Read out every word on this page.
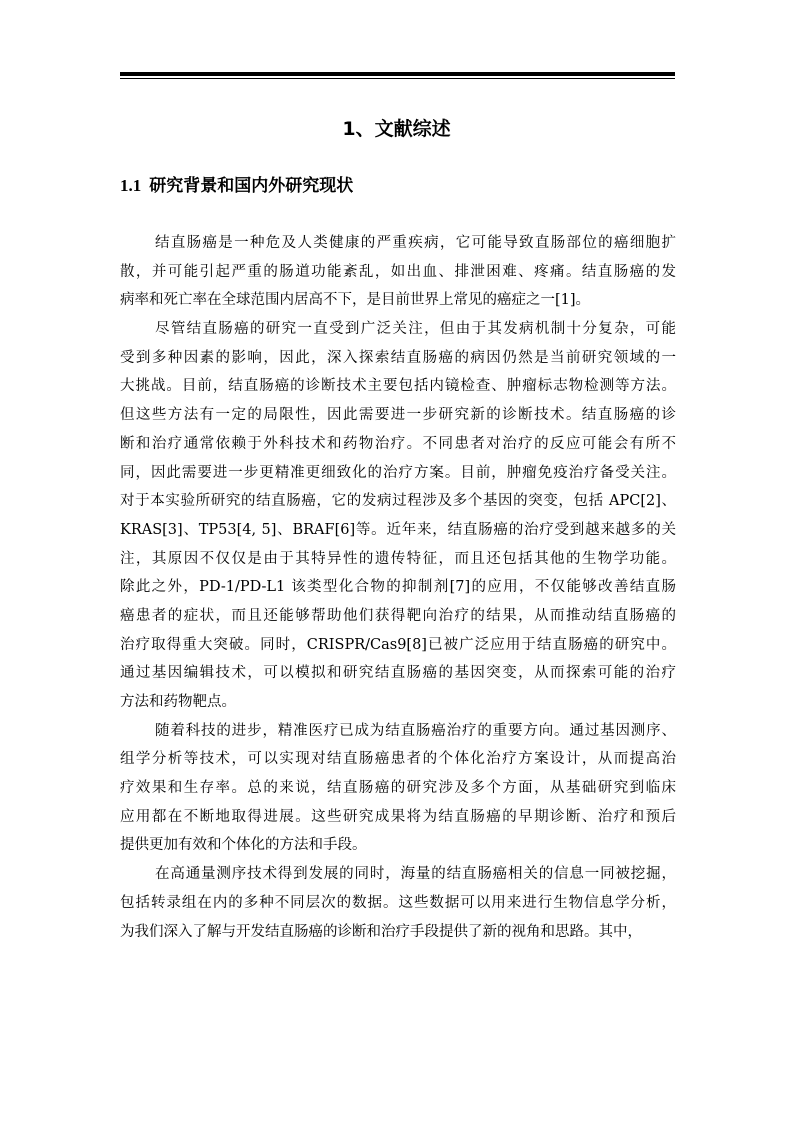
1、文献综述
1.1 研究背景和国内外研究现状
结直肠癌是一种危及人类健康的严重疾病，它可能导致直肠部位的癌细胞扩
散，并可能引起严重的肠道功能紊乱，如出血、排泄困难、疼痛。结直肠癌的发
病率和死亡率在全球范围内居高不下，是目前世界上常见的癌症之一[1]。
尽管结直肠癌的研究一直受到广泛关注，但由于其发病机制十分复杂，可能
受到多种因素的影响，因此，深入探索结直肠癌的病因仍然是当前研究领域的一
大挑战。目前，结直肠癌的诊断技术主要包括内镜检查、肿瘤标志物检测等方法。
但这些方法有一定的局限性，因此需要进一步研究新的诊断技术。结直肠癌的诊
断和治疗通常依赖于外科技术和药物治疗。不同患者对治疗的反应可能会有所不
同，因此需要进一步更精准更细致化的治疗方案。目前，肿瘤免疫治疗备受关注。
对于本实验所研究的结直肠癌，它的发病过程涉及多个基因的突变，包括 APC[2]、
KRAS[3]、TP53[4, 5]、BRAF[6]等。近年来，结直肠癌的治疗受到越来越多的关
注，其原因不仅仅是由于其特异性的遗传特征，而且还包括其他的生物学功能。
除此之外，PD-1/PD-L1 该类型化合物的抑制剂[7]的应用，不仅能够改善结直肠
癌患者的症状，而且还能够帮助他们获得靶向治疗的结果，从而推动结直肠癌的
治疗取得重大突破。同时，CRISPR/Cas9[8]已被广泛应用于结直肠癌的研究中。
通过基因编辑技术，可以模拟和研究结直肠癌的基因突变，从而探索可能的治疗
方法和药物靶点。
随着科技的进步，精准医疗已成为结直肠癌治疗的重要方向。通过基因测序、
组学分析等技术，可以实现对结直肠癌患者的个体化治疗方案设计，从而提高治
疗效果和生存率。总的来说，结直肠癌的研究涉及多个方面，从基础研究到临床
应用都在不断地取得进展。这些研究成果将为结直肠癌的早期诊断、治疗和预后
提供更加有效和个体化的方法和手段。
在高通量测序技术得到发展的同时，海量的结直肠癌相关的信息一同被挖掘，
包括转录组在内的多种不同层次的数据。这些数据可以用来进行生物信息学分析，
为我们深入了解与开发结直肠癌的诊断和治疗手段提供了新的视角和思路。其中，
